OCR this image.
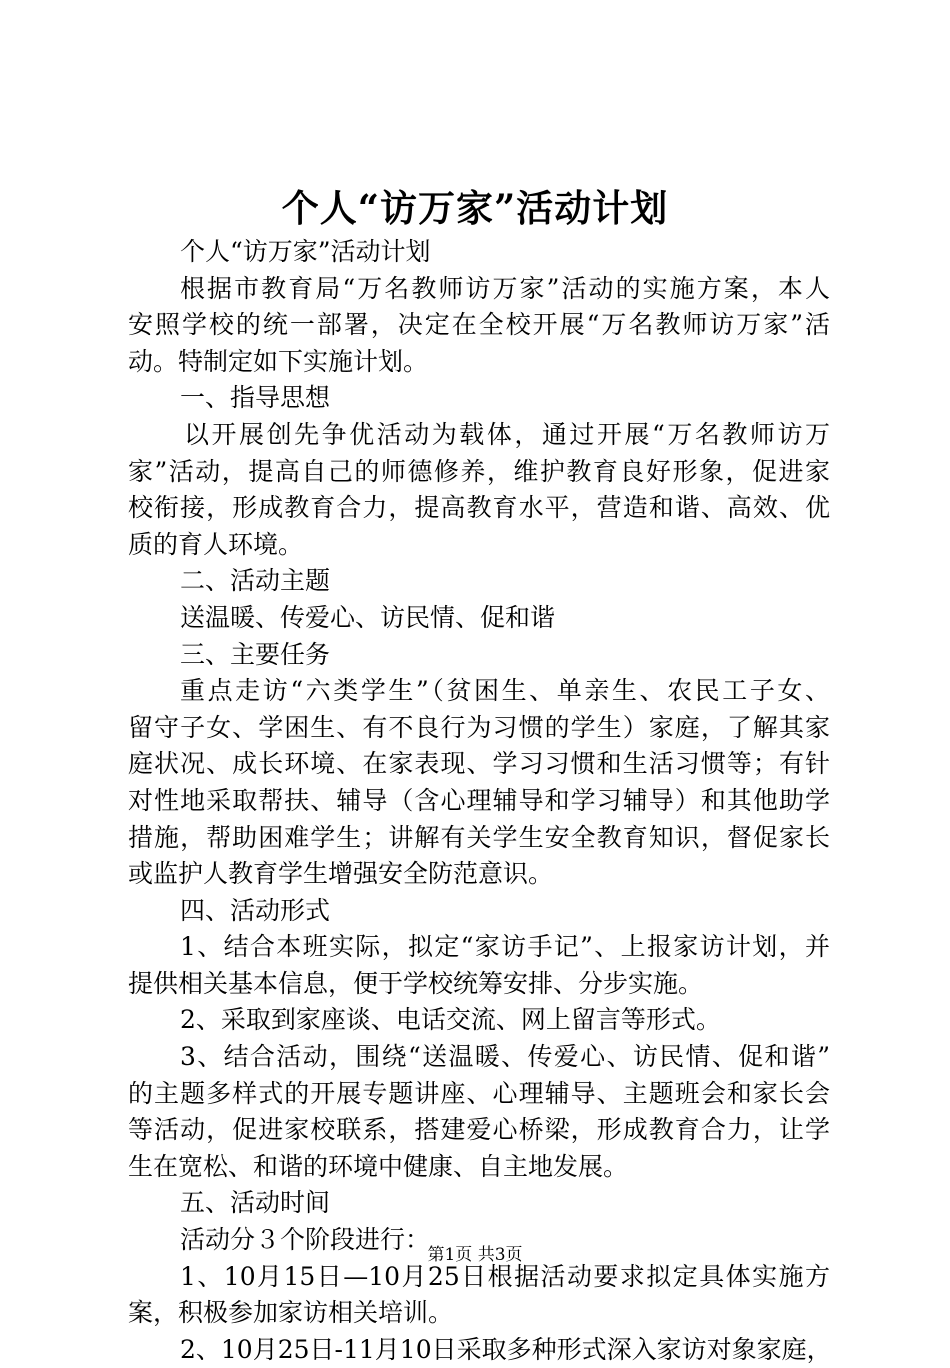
个人“访万家”活动计划
个人“访万家”活动计划
根据市教育局“万名教师访万家”活动的实施方案，本人
安照学校的统一部署，决定在全校开展“万名教师访万家”活
动。特制定如下实施计划。
一、指导思想
以开展创先争优活动为载体，通过开展“万名教师访万
家”活动，提高自己的师德修养，维护教育良好形象，促进家
校衔接，形成教育合力，提高教育水平，营造和谐、高效、优
质的育人环境。
二、活动主题
送温暖、传爱心、访民情、促和谐
三、主要任务
重点走访“六类学生”（贫困生、单亲生、农民工子女、
留守子女、学困生、有不良行为习惯的学生）家庭，了解其家
庭状况、成长环境、在家表现、学习习惯和生活习惯等；有针
对性地采取帮扶、辅导（含心理辅导和学习辅导）和其他助学
措施，帮助困难学生；讲解有关学生安全教育知识，督促家长
或监护人教育学生增强安全防范意识。
四、活动形式
1、结合本班实际，拟定“家访手记”、上报家访计划，并
提供相关基本信息，便于学校统筹安排、分步实施。
2、采取到家座谈、电话交流、网上留言等形式。
3、结合活动，围绕“送温暖、传爱心、访民情、促和谐”
的主题多样式的开展专题讲座、心理辅导、主题班会和家长会
等活动，促进家校联系，搭建爱心桥梁，形成教育合力，让学
生在宽松、和谐的环境中健康、自主地发展。
五、活动时间
活动分３个阶段进行：
1、10月15日—10月25日根据活动要求拟定具体实施方
案，积极参加家访相关培训。
2、10月25日-11月10日采取多种形式深入家访对象家庭，
第1页 共3页
